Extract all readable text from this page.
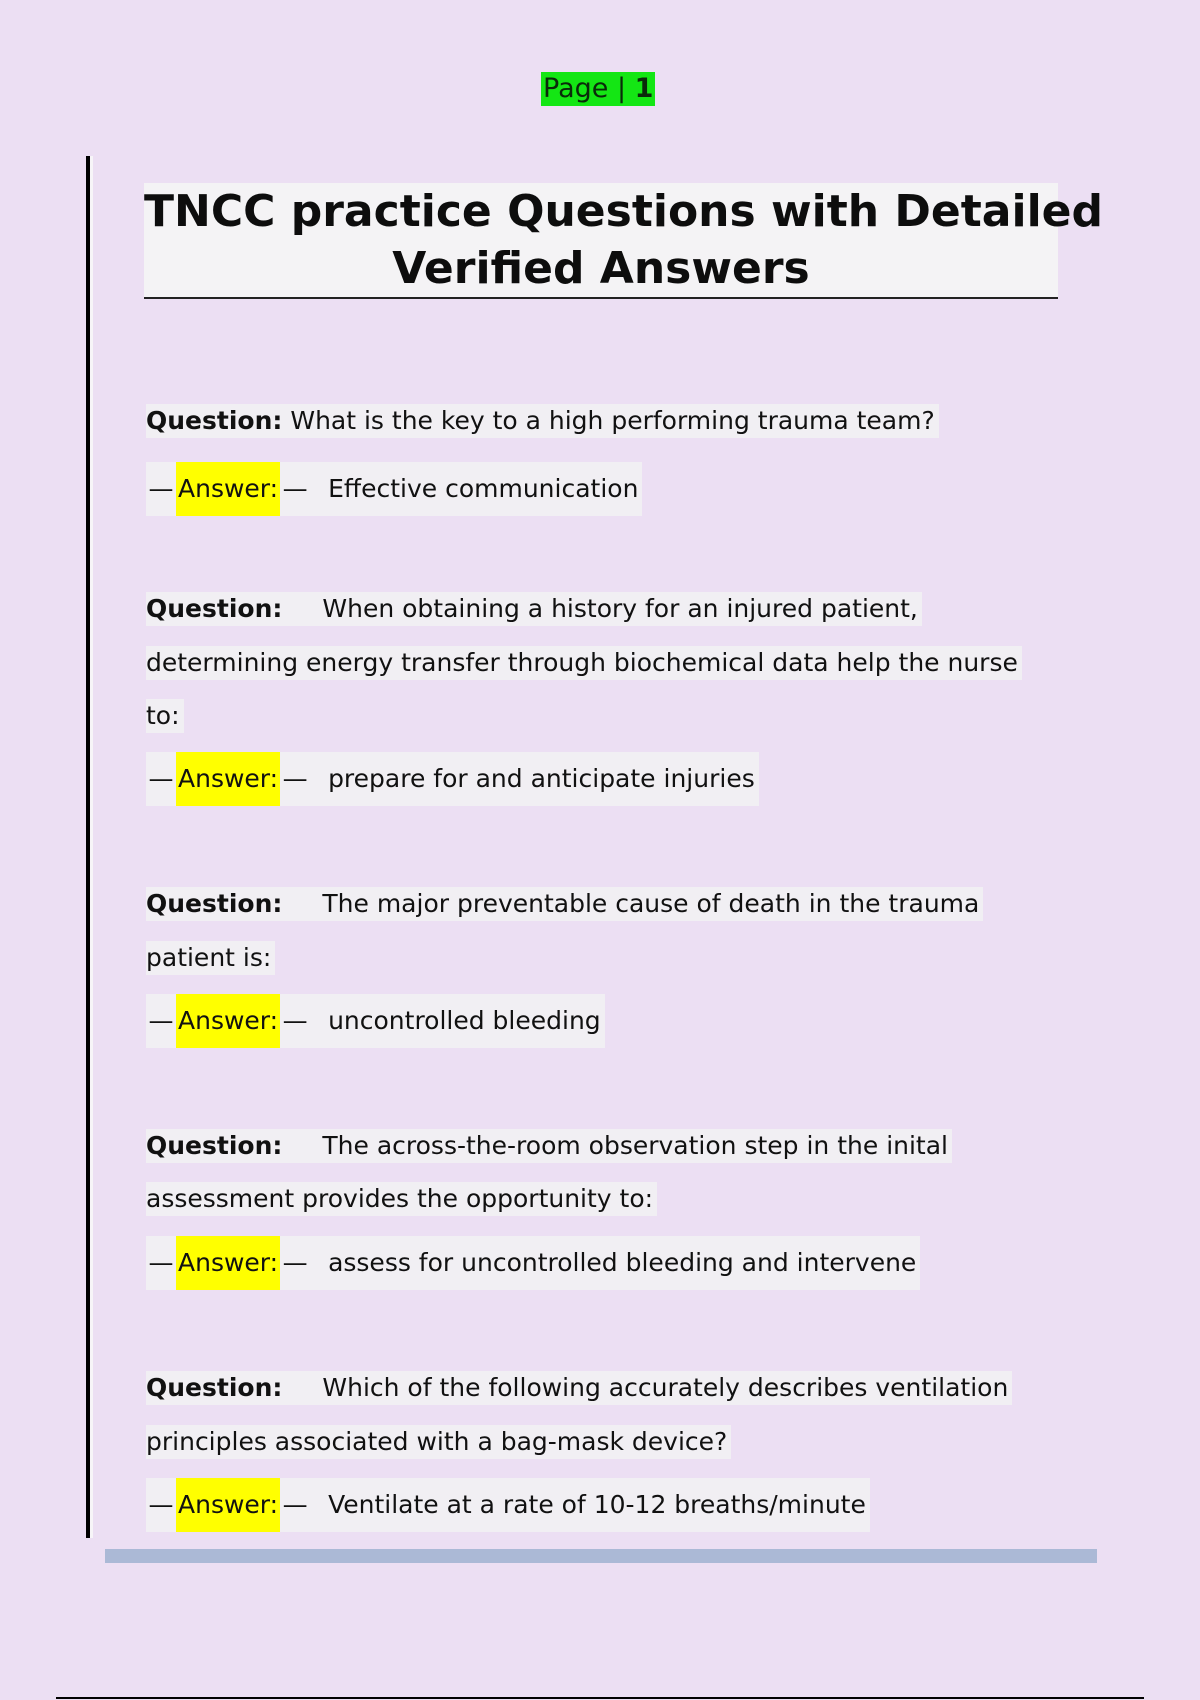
Page | 1
TNCC practice Questions with Detailed
Verified Answers
Question: What is the key to a high performing trauma team?
— Answer: — Effective communication
Question: When obtaining a history for an injured patient,
determining energy transfer through biochemical data help the nurse
to:
— Answer: — prepare for and anticipate injuries
Question: The major preventable cause of death in the trauma
patient is:
— Answer: — uncontrolled bleeding
Question: The across-the-room observation step in the inital
assessment provides the opportunity to:
— Answer: — assess for uncontrolled bleeding and intervene
Question: Which of the following accurately describes ventilation
principles associated with a bag-mask device?
— Answer: — Ventilate at a rate of 10-12 breaths/minute
